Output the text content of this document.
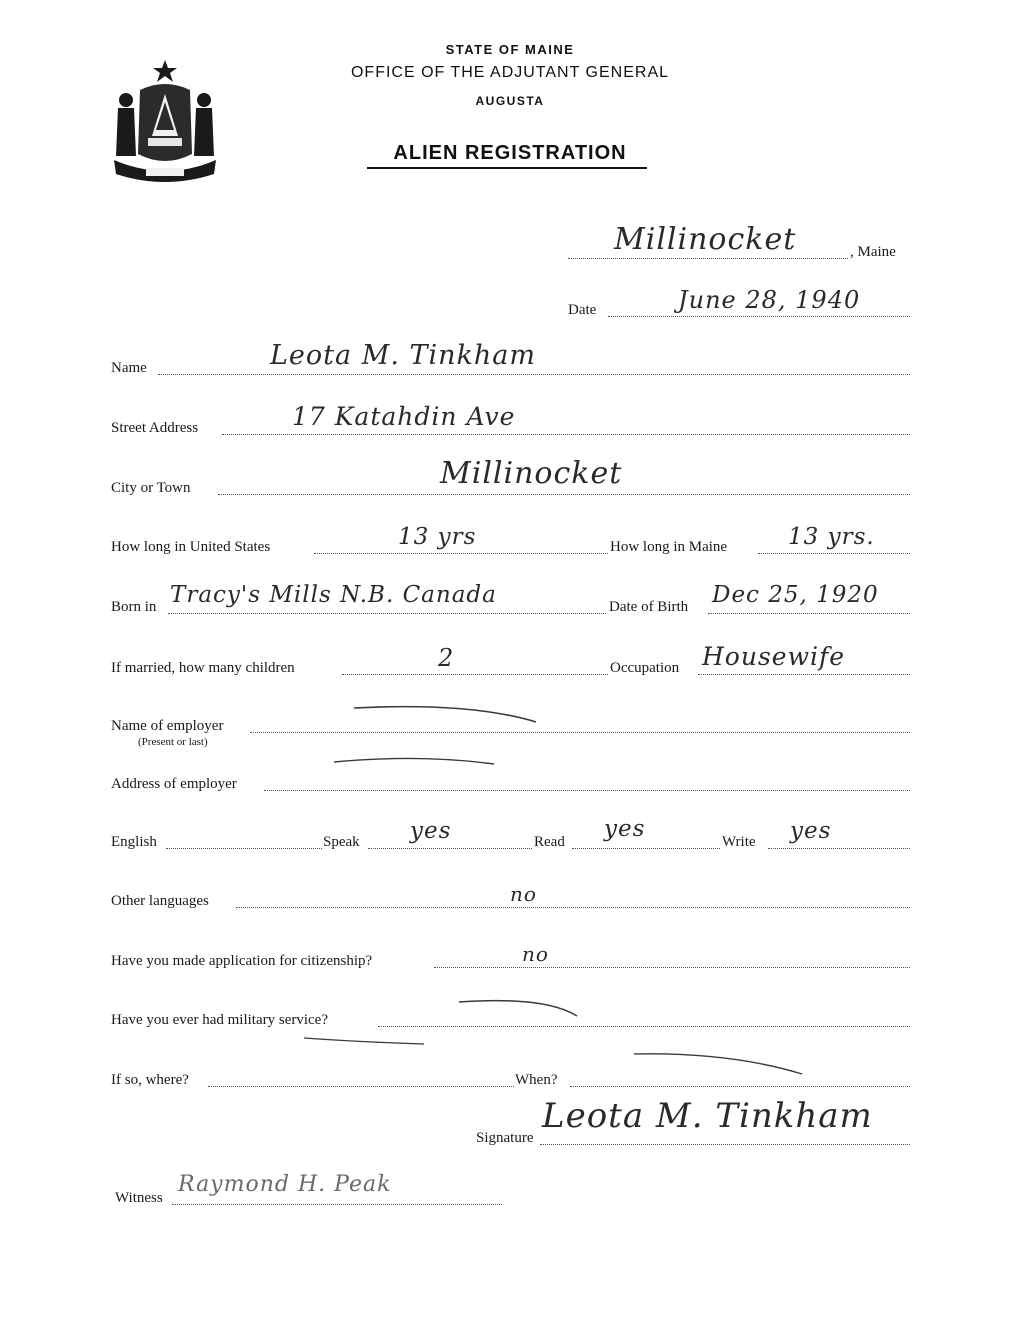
STATE OF MAINE
OFFICE OF THE ADJUTANT GENERAL
AUGUSTA
ALIEN REGISTRATION
Millinocket	, Maine
Date	June 28, 1940
Name	Leota M. Tinkham
Street Address	17 Katahdin Ave
City or Town	Millinocket
How long in United States	13 yrs	How long in Maine	13 yrs.
Born in Tracy's Mills N.B. Canada	Date of Birth Dec 25, 1920
If married, how many children	2	Occupation Housewife
Name of employer
(Present or last)
Address of employer
English	Speak yes	Read yes	Write yes
Other languages	no
Have you made application for citizenship?	no
Have you ever had military service?
If so, where?	When?
Signature
Leota M. Tinkham
Witness
Raymond H. Peak
